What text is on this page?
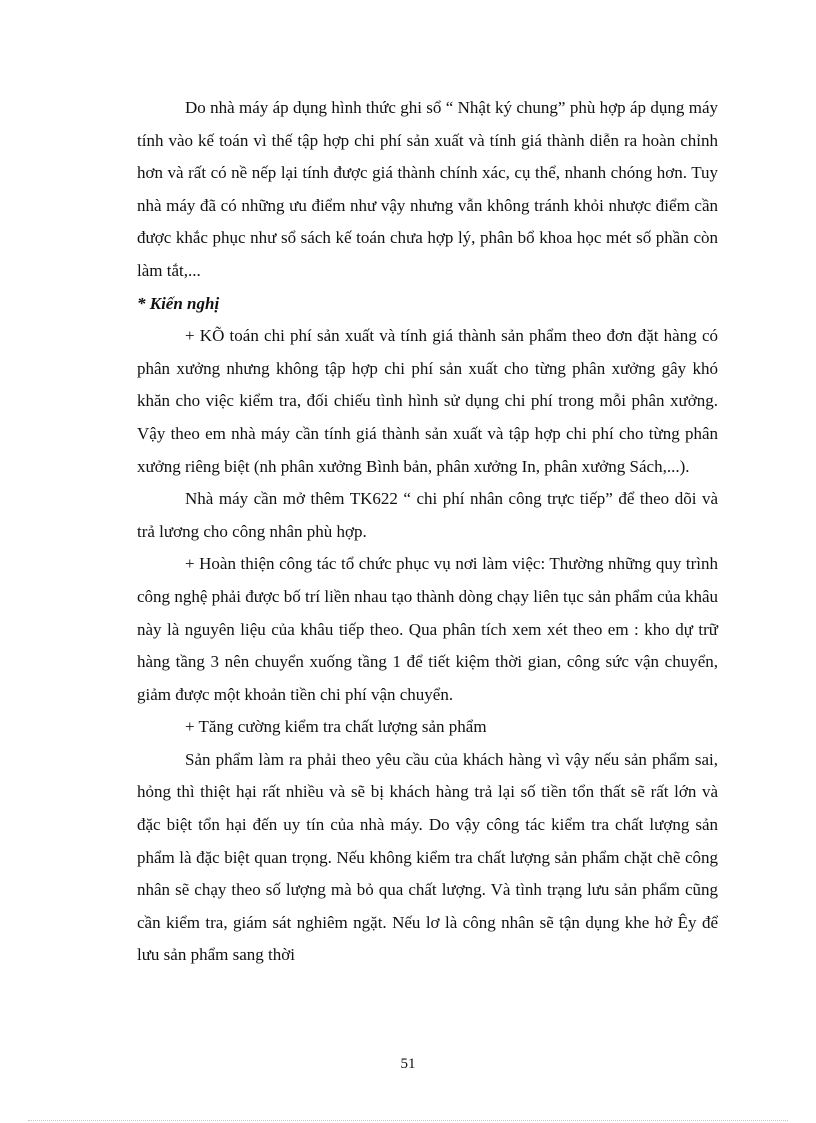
Do nhà máy áp dụng hình thức ghi sổ “ Nhật ký chung” phù hợp áp dụng máy tính vào kế toán vì thế tập hợp chi phí sản xuất và tính giá thành diễn ra hoàn chỉnh hơn và rất có nề nếp lại tính được giá thành chính xác, cụ thể, nhanh chóng hơn. Tuy nhà máy đã có những ưu điểm như vậy nhưng vẫn không tránh khỏi nhược điểm cần được khắc phục như sổ sách kế toán chưa hợp lý, phân bổ khoa học mét số phần còn làm tắt,...

* Kiến nghị

+ KÕ toán chi phí sản xuất và tính giá thành sản phẩm theo đơn đặt hàng có phân xưởng nhưng không tập hợp chi phí sản xuất cho từng phân xưởng gây khó khăn cho việc kiểm tra, đối chiếu tình hình sử dụng chi phí trong mỗi phân xưởng. Vậy theo em nhà máy cần tính giá thành sản xuất và tập hợp chi phí cho từng phân xưởng riêng biệt (nh phân xưởng Bình bản, phân xưởng In, phân xưởng Sách,...).

Nhà máy cần mở thêm TK622 “ chi phí nhân công trực tiếp” để theo dõi và trả lương cho công nhân phù hợp.

+ Hoàn thiện công tác tổ chức phục vụ nơi làm việc: Thường những quy trình công nghệ phải được bố trí liền nhau tạo thành dòng chạy liên tục sản phẩm của khâu này là nguyên liệu của khâu tiếp theo. Qua phân tích xem xét theo em : kho dự trữ hàng tầng 3 nên chuyển xuống tầng 1 để tiết kiệm thời gian, công sức vận chuyển, giảm được một khoản tiền chi phí vận chuyển.

+ Tăng cường kiểm tra chất lượng sản phẩm

Sản phẩm làm ra phải theo yêu cầu của khách hàng vì vậy nếu sản phẩm sai, hỏng thì thiệt hại rất nhiều và sẽ bị khách hàng trả lại số tiền tổn thất sẽ rất lớn và đặc biệt tổn hại đến uy tín của nhà máy. Do vậy công tác kiểm tra chất lượng sản phẩm là đặc biệt quan trọng. Nếu không kiểm tra chất lượng sản phẩm chặt chẽ công nhân sẽ chạy theo số lượng mà bỏ qua chất lượng. Và tình trạng lưu sản phẩm cũng cần kiểm tra, giám sát nghiêm ngặt. Nếu lơ là công nhân sẽ tận dụng khe hở Êy để lưu sản phẩm sang thời

51
